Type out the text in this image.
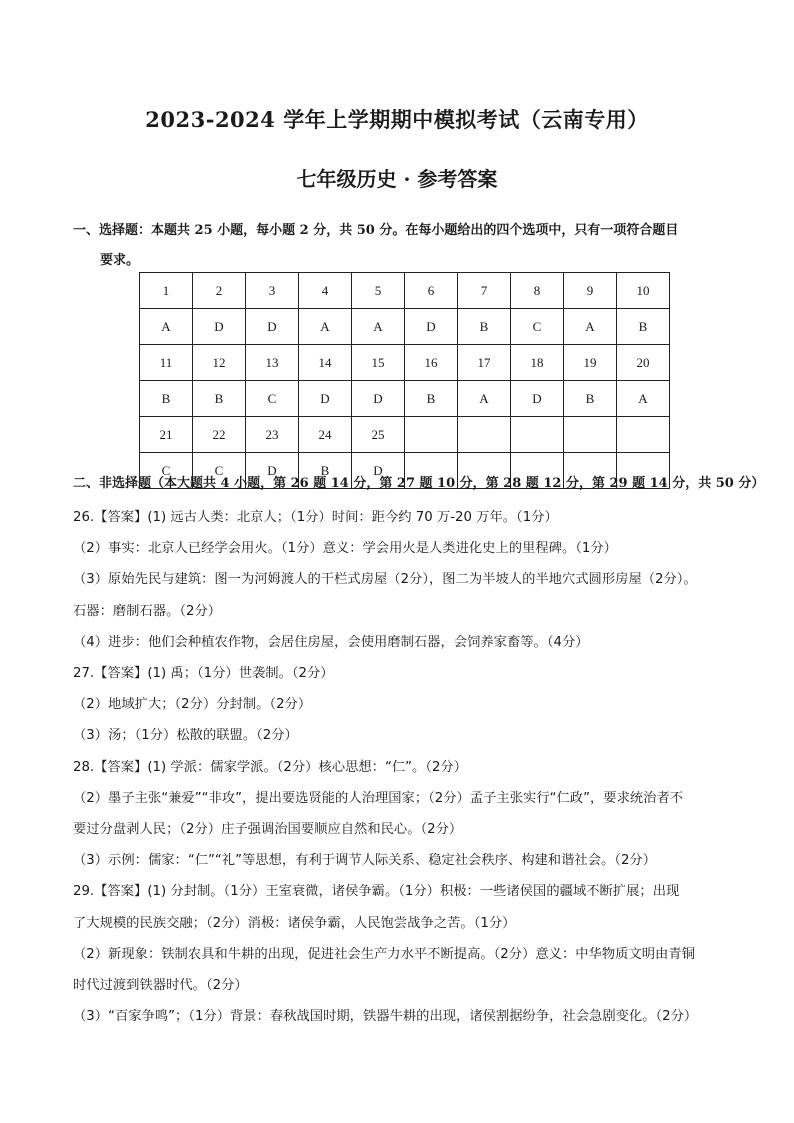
2023-2024 学年上学期期中模拟考试（云南专用）
七年级历史 · 参考答案
一、选择题：本题共 25 小题，每小题 2 分，共 50 分。在每小题给出的四个选项中，只有一项符合题目
要求。
1	2	3	4	5	6	7	8	9	10
A	D	D	A	A	D	B	C	A	B
11	12	13	14	15	16	17	18	19	20
B	B	C	D	D	B	A	D	B	A
21	22	23	24	25					
C	C	D	B	D					
二、非选择题（本大题共 4 小题，第 26 题 14 分，第 27 题 10 分，第 28 题 12 分，第 29 题 14 分，共 50 分）

26.【答案】(1) 远古人类：北京人；（1分）时间：距今约 70 万-20 万年。（1分）

（2）事实：北京人已经学会用火。（1分）意义：学会用火是人类进化史上的里程碑。（1分）

（3）原始先民与建筑：图一为河姆渡人的干栏式房屋（2分），图二为半坡人的半地穴式圆形房屋（2分）。

石器：磨制石器。（2分）

（4）进步：他们会种植农作物，会居住房屋，会使用磨制石器，会饲养家畜等。（4分）

27.【答案】(1) 禹；（1分）世袭制。（2分）

（2）地域扩大；（2分）分封制。（2分）

（3）汤；（1分）松散的联盟。（2分）

28.【答案】(1) 学派：儒家学派。（2分）核心思想：“仁”。（2分）

（2）墨子主张“兼爱”“非攻”，提出要选贤能的人治理国家；（2分）孟子主张实行“仁政”，要求统治者不

要过分盘剥人民；（2分）庄子强调治国要顺应自然和民心。（2分）

（3）示例：儒家：“仁”“礼”等思想，有利于调节人际关系、稳定社会秩序、构建和谐社会。（2分）

29.【答案】(1) 分封制。（1分）王室衰微，诸侯争霸。（1分）积极：一些诸侯国的疆域不断扩展；出现

了大规模的民族交融；（2分）消极：诸侯争霸，人民饱尝战争之苦。（1分）

（2）新现象：铁制农具和牛耕的出现，促进社会生产力水平不断提高。（2分）意义：中华物质文明由青铜

时代过渡到铁器时代。（2分）

（3）“百家争鸣”；（1分）背景：春秋战国时期，铁器牛耕的出现，诸侯割据纷争，社会急剧变化。（2分）
